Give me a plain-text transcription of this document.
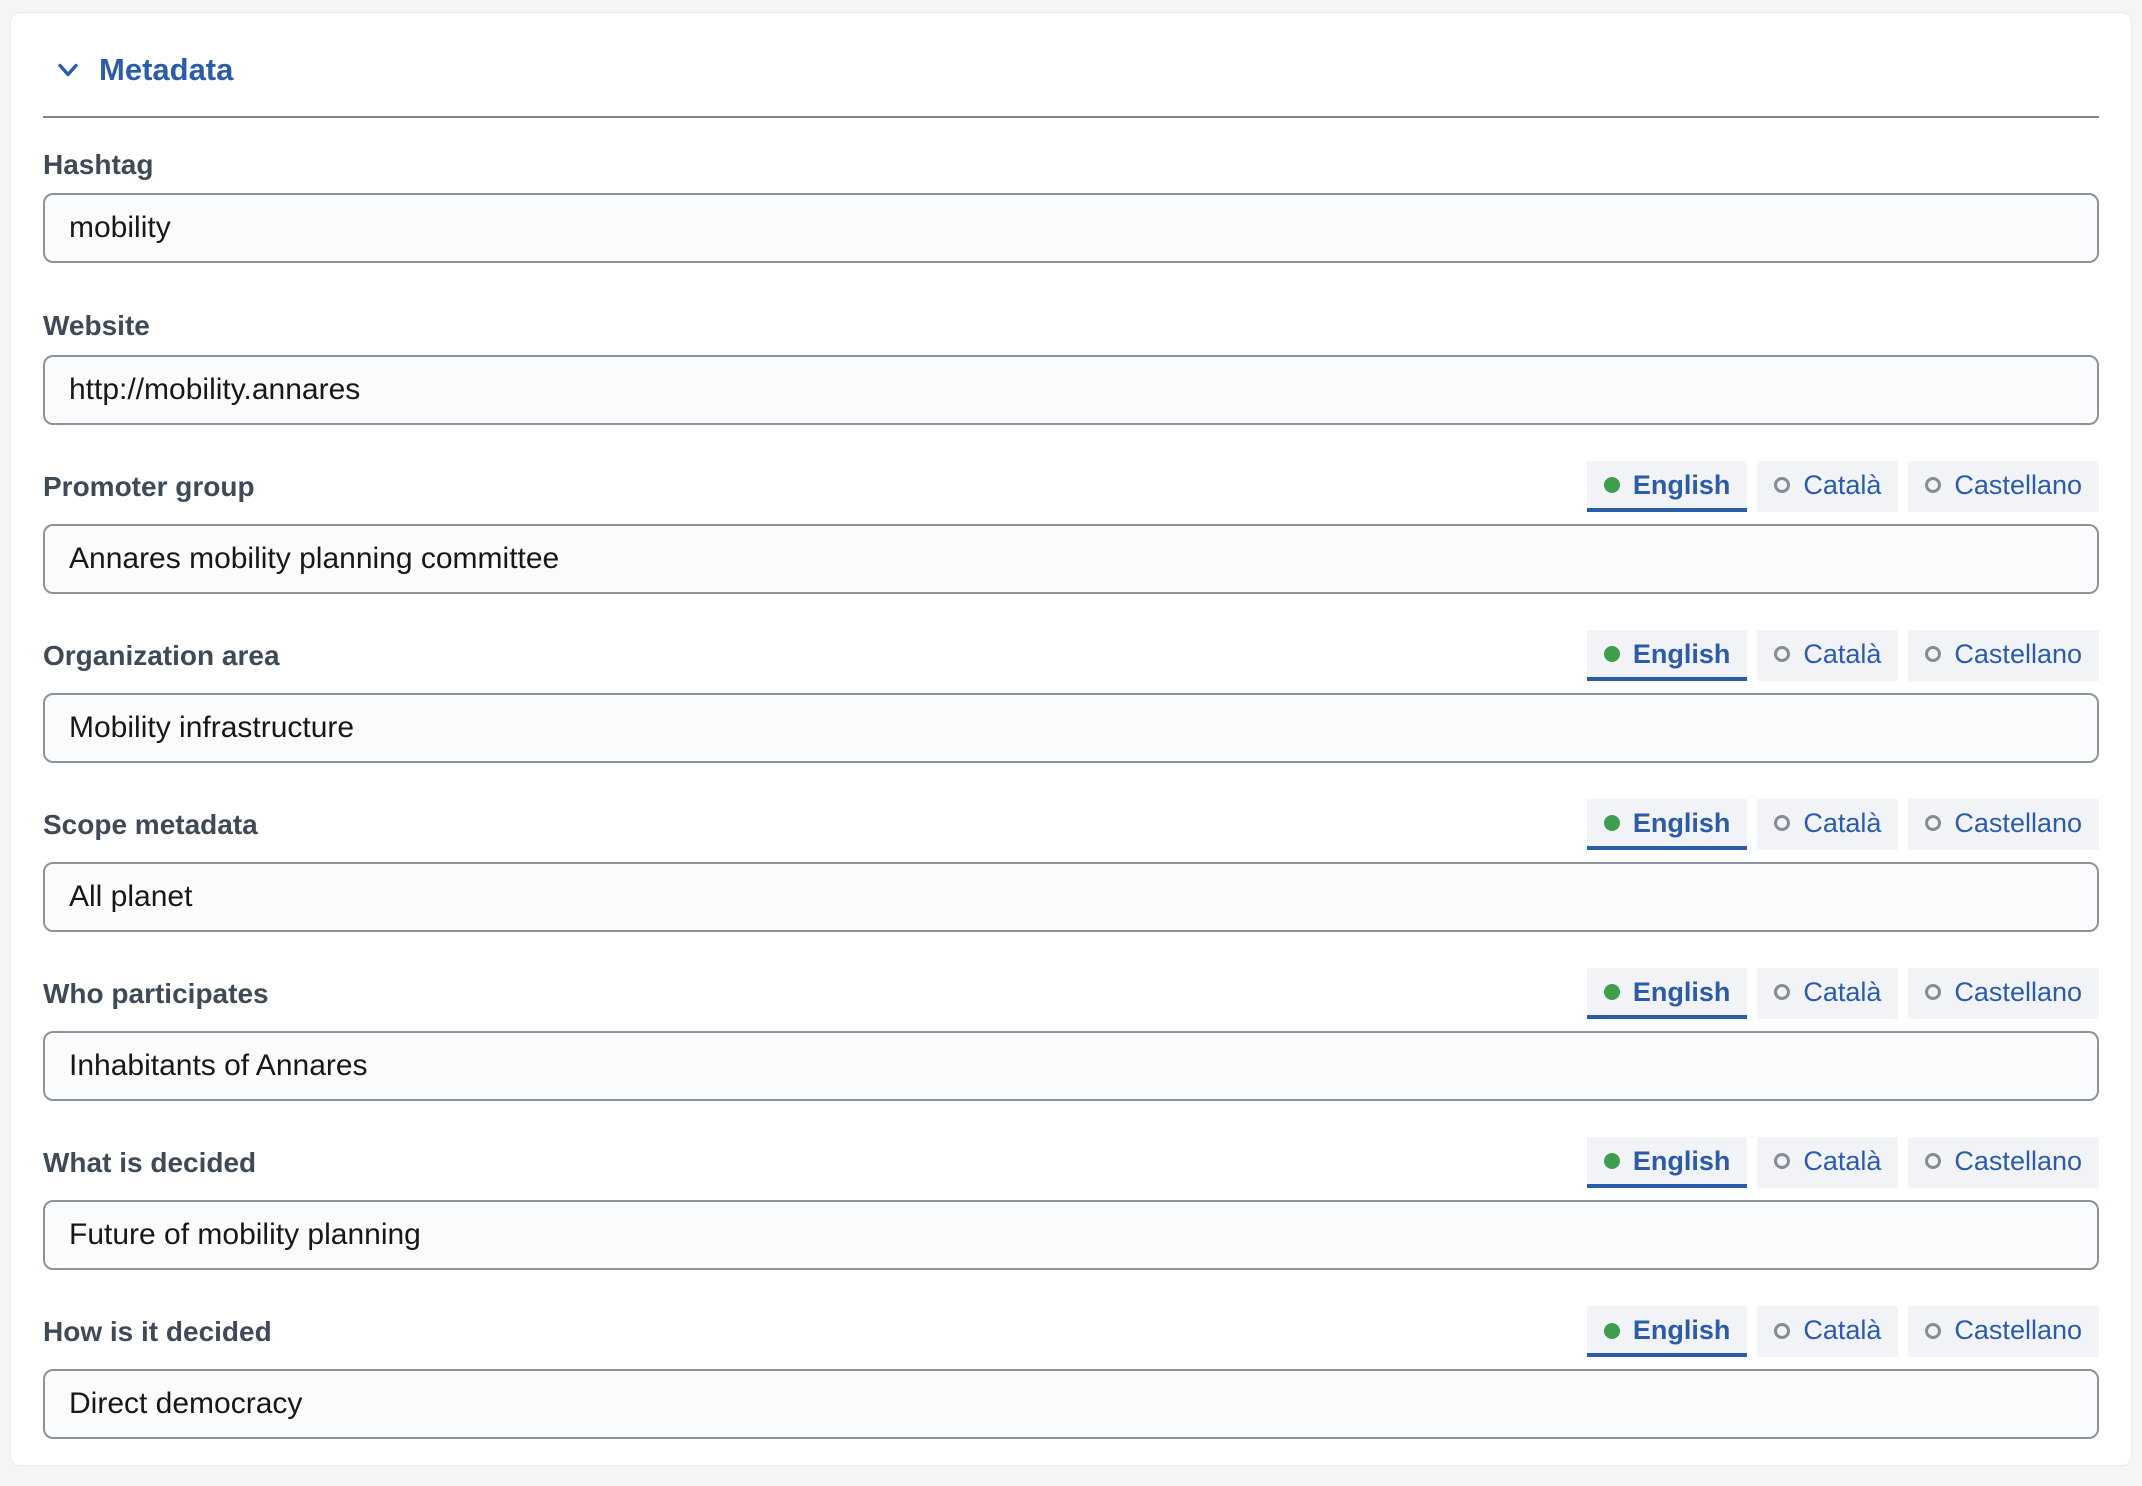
Metadata
Hashtag
mobility
Website
http://mobility.annares
Promoter group	English	Català	Castellano
Annares mobility planning committee
Organization area	English	Català	Castellano
Mobility infrastructure
Scope metadata	English	Català	Castellano
All planet
Who participates	English	Català	Castellano
Inhabitants of Annares
What is decided	English	Català	Castellano
Future of mobility planning
How is it decided	English	Català	Castellano
Direct democracy
